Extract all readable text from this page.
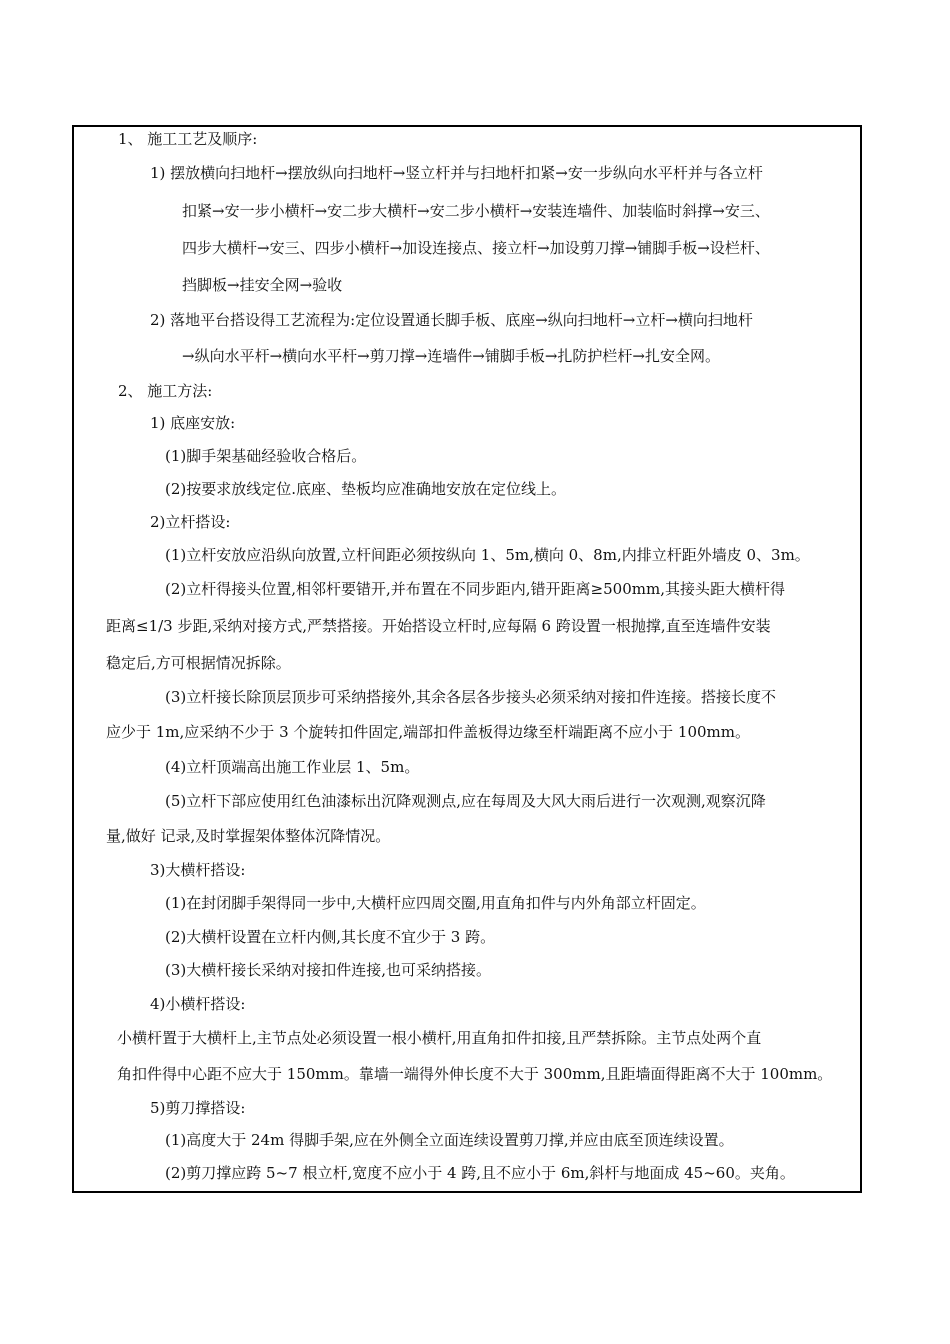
1、 施工工艺及顺序:
1) 摆放横向扫地杆→摆放纵向扫地杆→竖立杆并与扫地杆扣紧→安一步纵向水平杆并与各立杆
扣紧→安一步小横杆→安二步大横杆→安二步小横杆→安装连墙件、加装临时斜撑→安三、
四步大横杆→安三、四步小横杆→加设连接点、接立杆→加设剪刀撑→铺脚手板→设栏杆、
挡脚板→挂安全网→验收
2) 落地平台搭设得工艺流程为:定位设置通长脚手板、底座→纵向扫地杆→立杆→横向扫地杆
→纵向水平杆→横向水平杆→剪刀撑→连墙件→铺脚手板→扎防护栏杆→扎安全网。
2、 施工方法:
1) 底座安放:
(1)脚手架基础经验收合格后。
(2)按要求放线定位.底座、垫板均应准确地安放在定位线上。
2)立杆搭设:
(1)立杆安放应沿纵向放置,立杆间距必须按纵向 1、5m,横向 0、8m,内排立杆距外墙皮 0、3m。
(2)立杆得接头位置,相邻杆要错开,并布置在不同步距内,错开距离≥500mm,其接头距大横杆得
距离≤1/3 步距,采纳对接方式,严禁搭接。开始搭设立杆时,应每隔 6 跨设置一根抛撑,直至连墙件安装
稳定后,方可根据情况拆除。
(3)立杆接长除顶层顶步可采纳搭接外,其余各层各步接头必须采纳对接扣件连接。搭接长度不
应少于 1m,应采纳不少于 3 个旋转扣件固定,端部扣件盖板得边缘至杆端距离不应小于 100mm。
(4)立杆顶端高出施工作业层 1、5m。
(5)立杆下部应使用红色油漆标出沉降观测点,应在每周及大风大雨后进行一次观测,观察沉降
量,做好 记录,及时掌握架体整体沉降情况。
3)大横杆搭设:
(1)在封闭脚手架得同一步中,大横杆应四周交圈,用直角扣件与内外角部立杆固定。
(2)大横杆设置在立杆内侧,其长度不宜少于 3 跨。
(3)大横杆接长采纳对接扣件连接,也可采纳搭接。
4)小横杆搭设:
小横杆置于大横杆上,主节点处必须设置一根小横杆,用直角扣件扣接,且严禁拆除。主节点处两个直
角扣件得中心距不应大于 150mm。靠墙一端得外伸长度不大于 300mm,且距墙面得距离不大于 100mm。
5)剪刀撑搭设:
(1)高度大于 24m 得脚手架,应在外侧全立面连续设置剪刀撑,并应由底至顶连续设置。
(2)剪刀撑应跨 5~7 根立杆,宽度不应小于 4 跨,且不应小于 6m,斜杆与地面成 45~60。夹角。
